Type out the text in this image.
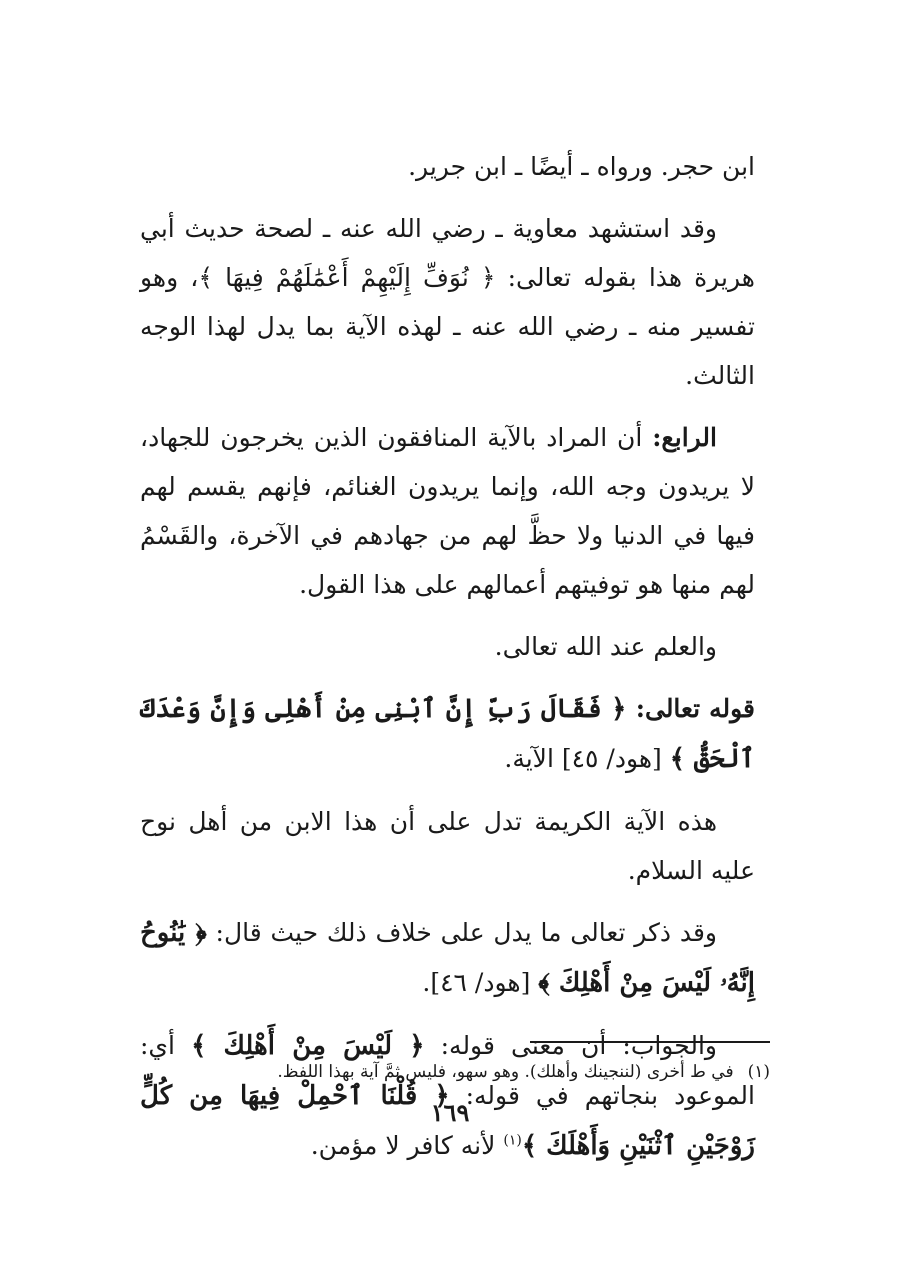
ابن حجر. ورواه ـ أيضًا ـ ابن جرير.

وقد استشهد معاوية ـ رضي الله عنه ـ لصحة حديث أبي هريرة هذا بقوله تعالى: ﴿ نُوَفِّ إِلَيْهِمْ أَعْمَٰلَهُمْ فِيهَا ﴾، وهو تفسير منه ـ رضي الله عنه ـ لهذه الآية بما يدل لهذا الوجه الثالث.

الرابع: أن المراد بالآية المنافقون الذين يخرجون للجهاد، لا يريدون وجه الله، وإنما يريدون الغنائم، فإنهم يقسم لهم فيها في الدنيا ولا حظَّ لهم من جهادهم في الآخرة، والقَسْمُ لهم منها هو توفيتهم أعمالهم على هذا القول.

والعلم عند الله تعالى.

قوله تعالى: ﴿ فَقَالَ رَبِّ إِنَّ ٱبْنِى مِنْ أَهْلِى وَإِنَّ وَعْدَكَ ٱلْحَقُّ ﴾ [هود/ ٤٥] الآية.

هذه الآية الكريمة تدل على أن هذا الابن من أهل نوح عليه السلام.

وقد ذكر تعالى ما يدل على خلاف ذلك حيث قال: ﴿ يَٰنُوحُ إِنَّهُۥ لَيْسَ مِنْ أَهْلِكَ ﴾ [هود/ ٤٦].

والجواب: أن معنى قوله: ﴿ لَيْسَ مِنْ أَهْلِكَ ﴾ أي: الموعود بنجاتهم في قوله: ﴿ قُلْنَا ٱحْمِلْ فِيهَا مِن كُلٍّ زَوْجَيْنِ ٱثْنَيْنِ وَأَهْلَكَ ﴾$^{(١)}$ لأنه كافر لا مؤمن.

(١)في ط أخرى (لننجينك وأهلك). وهو سهو، فليس ثمَّ آية بهذا اللفظ.
١٦٩
